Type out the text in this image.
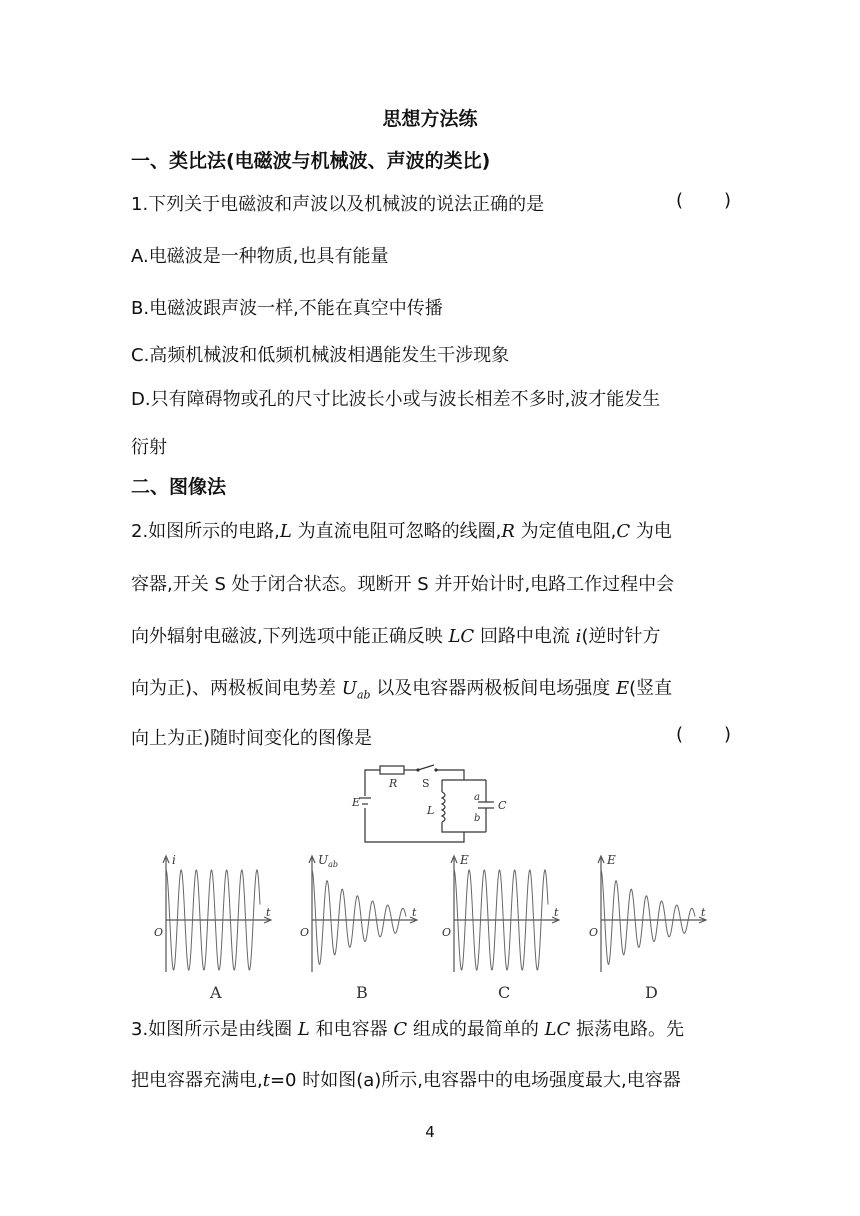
思想方法练
一、类比法(电磁波与机械波、声波的类比)
1.下列关于电磁波和声波以及机械波的说法正确的是	( )
A.电磁波是一种物质,也具有能量
B.电磁波跟声波一样,不能在真空中传播
C.高频机械波和低频机械波相遇能发生干涉现象
D.只有障碍物或孔的尺寸比波长小或与波长相差不多时,波才能发生
衍射
二、图像法
2.如图所示的电路,L 为直流电阻可忽略的线圈,R 为定值电阻,C 为电
容器,开关 S 处于闭合状态。现断开 S 并开始计时,电路工作过程中会
向外辐射电磁波,下列选项中能正确反映 LC 回路中电流 i(逆时针方
向为正)、两极板间电势差 $U_{ab}$ 以及电容器两极板间电场强度 E(竖直
向上为正)随时间变化的图像是	( )
E
R S
L
a
b
C
i
O
t
A
$U_{ab}$
O
t
B
E
O
t
C
E
O
t
D
3.如图所示是由线圈 L 和电容器 C 组成的最简单的 LC 振荡电路。先
把电容器充满电,t=0 时如图(a)所示,电容器中的电场强度最大,电容器
4
